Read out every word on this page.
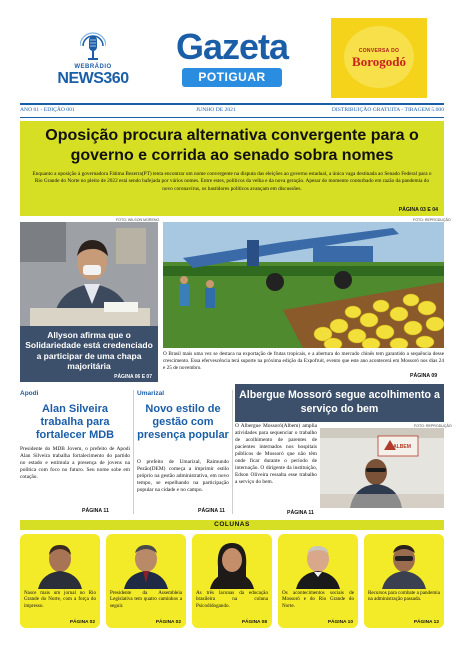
WEBRÁDIO
NEWS360
Gazeta
POTIGUAR
CONVERSA DO
Borogodó
ANO 01 - EDIÇÃO 001	JUNHO DE 2021	DISTRIBUIÇÃO GRATUITA - TIRAGEM 5.000
Oposição procura alternativa convergente para o governo e corrida ao senado sobra nomes
Enquanto a oposição à governadora Fátima Bezerra(PT) tenta encontrar um nome convergente na disputa das eleições ao governo estadual, a única vaga destinada ao Senado Federal para o Rio Grande do Norte no pleito de 2022 está sendo bafejada por vários nomes. Entre estes, políticos da velha e da nova geração. Apesar do momento conturbado em razão da pandemia do novo coronavírus, os bastidores políticos avançam em discussões.
PÁGINA 03 E 04
FOTO: WILSON MORENO	FOTO: REPRODUÇÃO
Allyson afirma que o Solidariedade está credenciado a participar de uma chapa majoritária
PÁGINA 06 E 07
O Brasil mais uma vez se destaca na exportação de frutas tropicais, e a abertura do mercado chinês tem garantido a sequência desse crescimento. Essa efervescência terá suporte na próxima edição da Expofruit, evento que este ano acontecerá em Mossoró nos dias 24 e 25 de novembro.
PÁGINA 09
Apodi
Alan Silveira trabalha para fortalecer MDB
Presidente do MDB Jovem, o prefeito de Apodi Alan Silveira trabalha fortalecimento do partido no estado e estimula a presença de jovens na política com foco no futuro. Seu nome sobe em cotação.
PÁGINA 11
Umarizal
Novo estilo de gestão com presença popular
O prefeito de Umarizal, Raimundo Pezão(DEM) começa a imprimir estilo próprio na gestão administrativa, em novo tempo, se espelhando na participação popular na cidade e no campo.
PÁGINA 11
Albergue Mossoró segue acolhimento a serviço do bem
O Albergue Mossoró(Albem) amplia atividades para sequenciar o trabalho de acolhimento de parentes de pacientes internados nos hospitais públicos de Mossoró que não têm onde ficar durante o período de internação. O dirigente da instituição, Edson Oliveira ressalta esse trabalho a serviço do bem.
PÁGINA 11
FOTO: REPRODUÇÃO
ALBEM
COLUNAS
Nasce mais um jornal no Rio Grande do Norte, com a força do impresso.
PÁGINA 02
Presidente da Assembleia Legislativa tem quatro caminhos a seguir.
PÁGINA 02
As três lacunas da educação brasileira na coluna Psicodidogando.
PÁGINA 08
Os acontecimentos sociais de Mossoró e do Rio Grande do Norte.
PÁGINA 10
Recursos para combate a pandemia na administração passada.
PÁGINA 12
